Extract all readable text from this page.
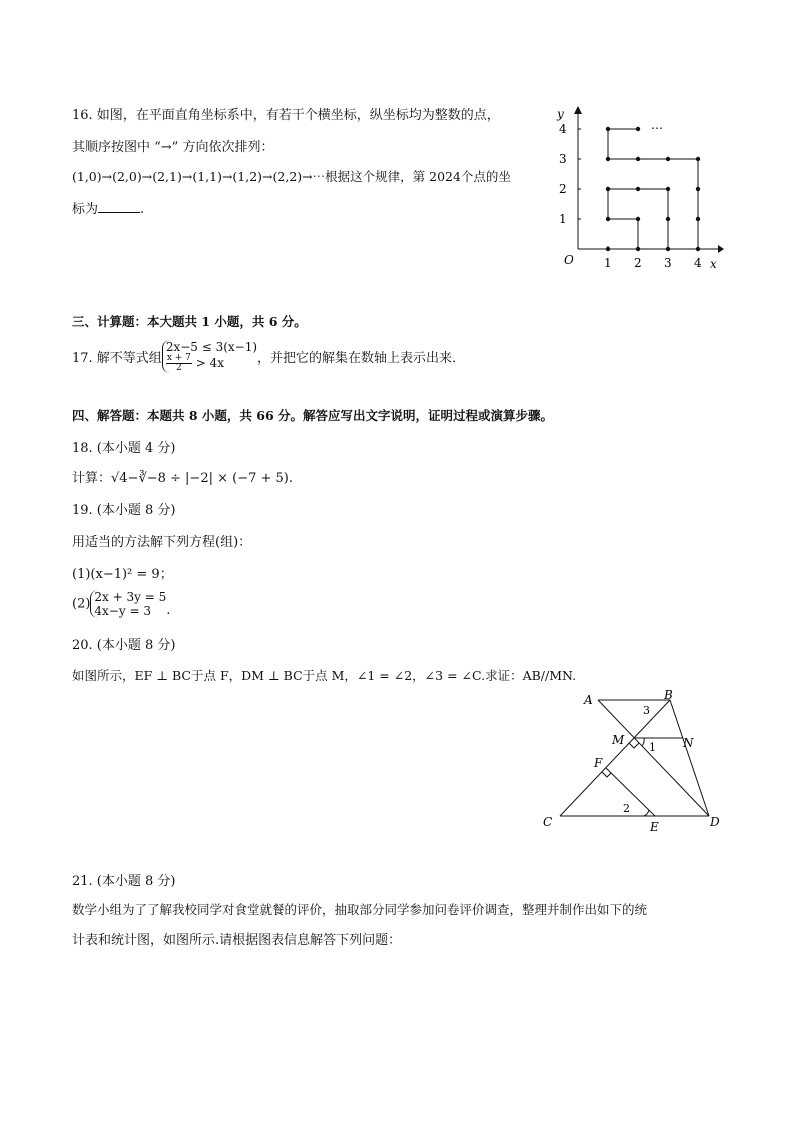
16. 如图，在平面直角坐标系中，有若干个横坐标，纵坐标均为整数的点，
其顺序按图中 “→” 方向依次排列：
(1,0)→(2,0)→(2,1)→(1,1)→(1,2)→(2,2)→⋯根据这个规律，第 2024个点的坐
标为	.
⋯
y
x
O	1 2 3 4
1
2
3
4
三、计算题：本大题共 1 小题，共 6 分。
17. 解不等式组
2x−5 ≤ 3(x−1)
$\frac{x + 7}{2} > 4x$	，并把它的解集在数轴上表示出来．
四、解答题：本题共 8 小题，共 66 分。解答应写出文字说明，证明过程或演算步骤。
18. (本小题 4 分)
计算：√4−∛−8 ÷ |−2| × (−7 + 5).
19. (本小题 8 分)
用适当的方法解下列方程(组)：
(1)(x−1)² = 9；
(2) 2x + 3y = 5
4x−y = 3	.
20. (本小题 8 分)
如图所示，EF ⊥ BC于点 F，DM ⊥ BC于点 M，∠1 = ∠2，∠3 = ∠C.求证：AB//MN.
A	B
3
M
1 N
F
2
C	E	D
21. (本小题 8 分)
数学小组为了了解我校同学对食堂就餐的评价，抽取部分同学参加问卷评价调查，整理并制作出如下的统
计表和统计图，如图所示.请根据图表信息解答下列问题：
